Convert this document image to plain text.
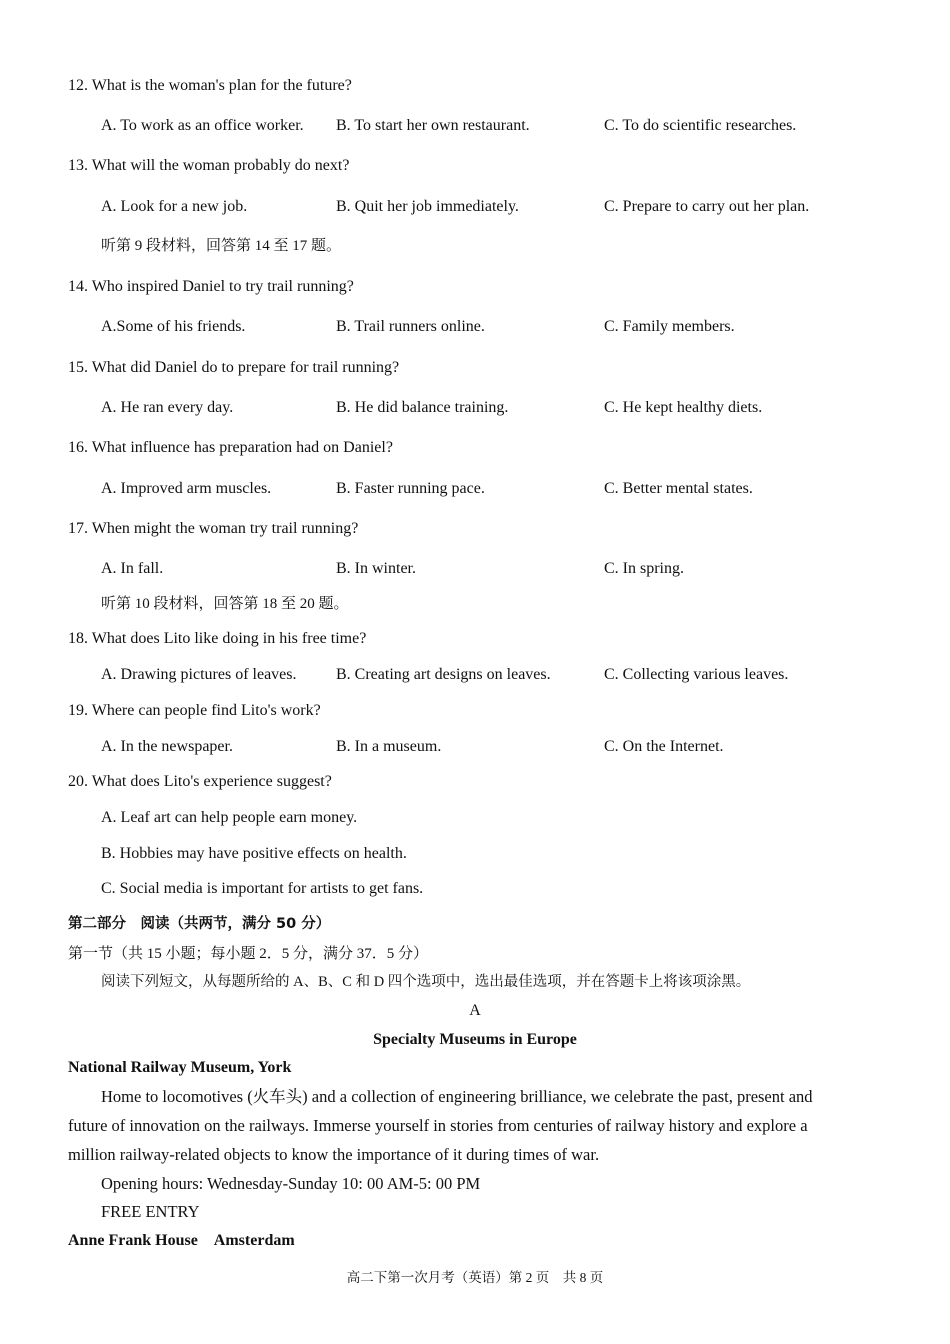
12. What is the woman's plan for the future?
A. To work as an office worker. B. To start her own restaurant.	C. To do scientific researches.
13. What will the woman probably do next?
A. Look for a new job.	B. Quit her job immediately.	C. Prepare to carry out her plan.
听第 9 段材料，回答第 14 至 17 题。
14. Who inspired Daniel to try trail running?
A.Some of his friends.	B. Trail runners online.	C. Family members.
15. What did Daniel do to prepare for trail running?
A. He ran every day.	B. He did balance training.	C. He kept healthy diets.
16. What influence has preparation had on Daniel?
A. Improved arm muscles.	B. Faster running pace.	C. Better mental states.
17. When might the woman try trail running?
A. In fall.	B. In winter.	C. In spring.
听第 10 段材料，回答第 18 至 20 题。
18. What does Lito like doing in his free time?
A. Drawing pictures of leaves. B. Creating art designs on leaves.	C. Collecting various leaves.
19. Where can people find Lito's work?
A. In the newspaper.	B. In a museum.	C. On the Internet.
20. What does Lito's experience suggest?
A. Leaf art can help people earn money.
B. Hobbies may have positive effects on health.
C. Social media is important for artists to get fans.
第二部分　阅读（共两节，满分 50 分）
第一节（共 15 小题；每小题 2．5 分，满分 37．5 分）
阅读下列短文，从每题所给的 A、B、C 和 D 四个选项中，选出最佳选项，并在答题卡上将该项涂黑。
A
Specialty Museums in Europe
National Railway Museum, York
Home to locomotives (火车头) and a collection of engineering brilliance, we celebrate the past, present and
future of innovation on the railways. Immerse yourself in stories from centuries of railway history and explore a
million railway-related objects to know the importance of it during times of war.
Opening hours: Wednesday-Sunday 10: 00 AM-5: 00 PM
FREE ENTRY
Anne Frank House　Amsterdam
高二下第一次月考（英语）第 2 页　共 8 页
